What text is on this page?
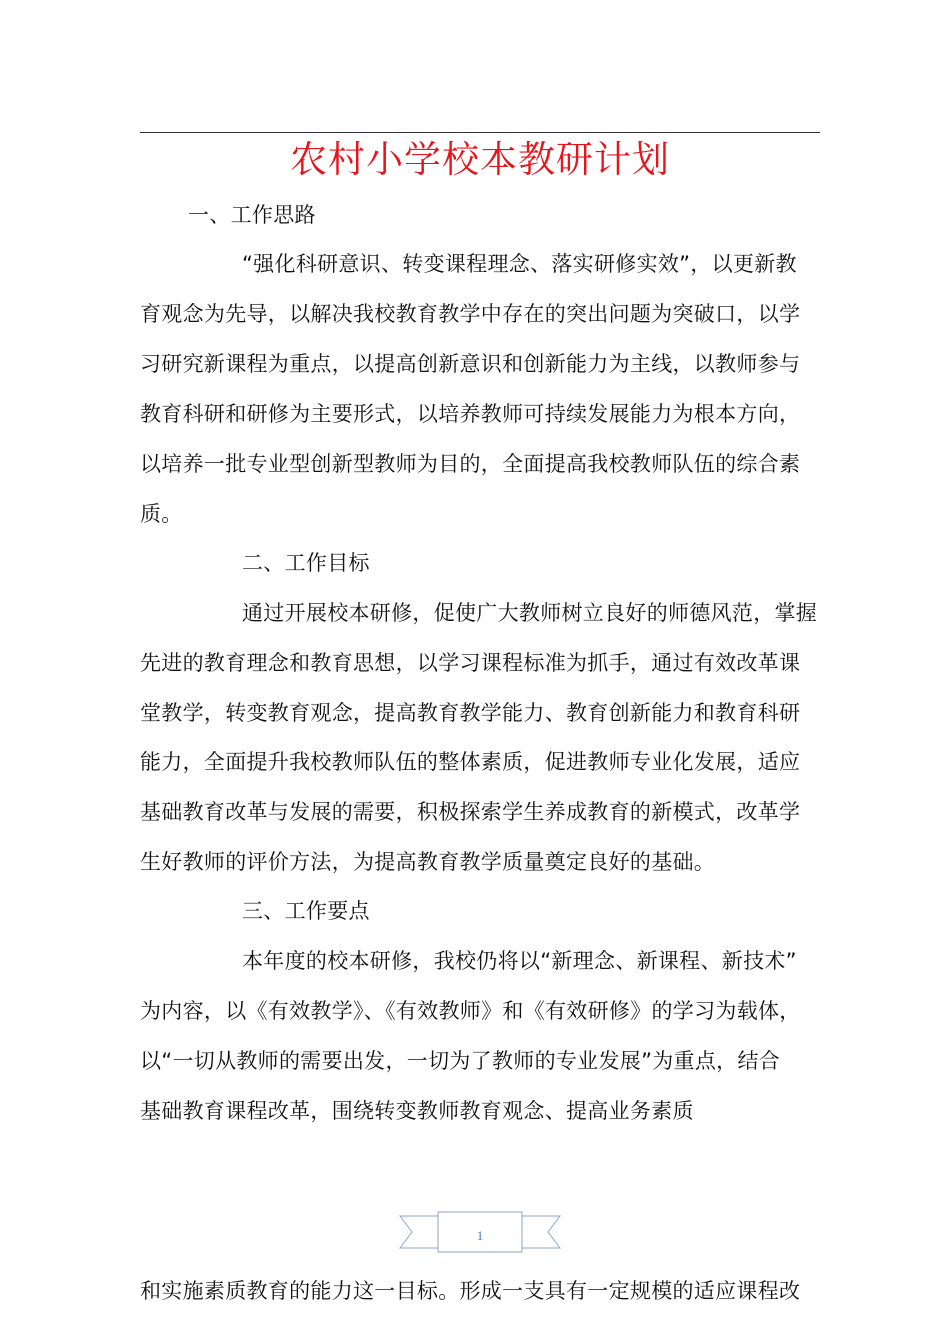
农村小学校本教研计划
一、工作思路
“强化科研意识、转变课程理念、落实研修实效”，以更新教
育观念为先导，以解决我校教育教学中存在的突出问题为突破口，以学
习研究新课程为重点，以提高创新意识和创新能力为主线，以教师参与
教育科研和研修为主要形式，以培养教师可持续发展能力为根本方向，
以培养一批专业型创新型教师为目的，全面提高我校教师队伍的综合素
质。
二、工作目标
通过开展校本研修，促使广大教师树立良好的师德风范，掌握
先进的教育理念和教育思想，以学习课程标准为抓手，通过有效改革课
堂教学，转变教育观念，提高教育教学能力、教育创新能力和教育科研
能力，全面提升我校教师队伍的整体素质，促进教师专业化发展，适应
基础教育改革与发展的需要，积极探索学生养成教育的新模式，改革学
生好教师的评价方法，为提高教育教学质量奠定良好的基础。
三、工作要点
本年度的校本研修，我校仍将以“新理念、新课程、新技术”
为内容，以《有效教学》、《有效教师》和《有效研修》的学习为载体，
以“一切从教师的需要出发，一切为了教师的专业发展”为重点，结合
基础教育课程改革，围绕转变教师教育观念、提高业务素质
1
和实施素质教育的能力这一目标。形成一支具有一定规模的适应课程改
